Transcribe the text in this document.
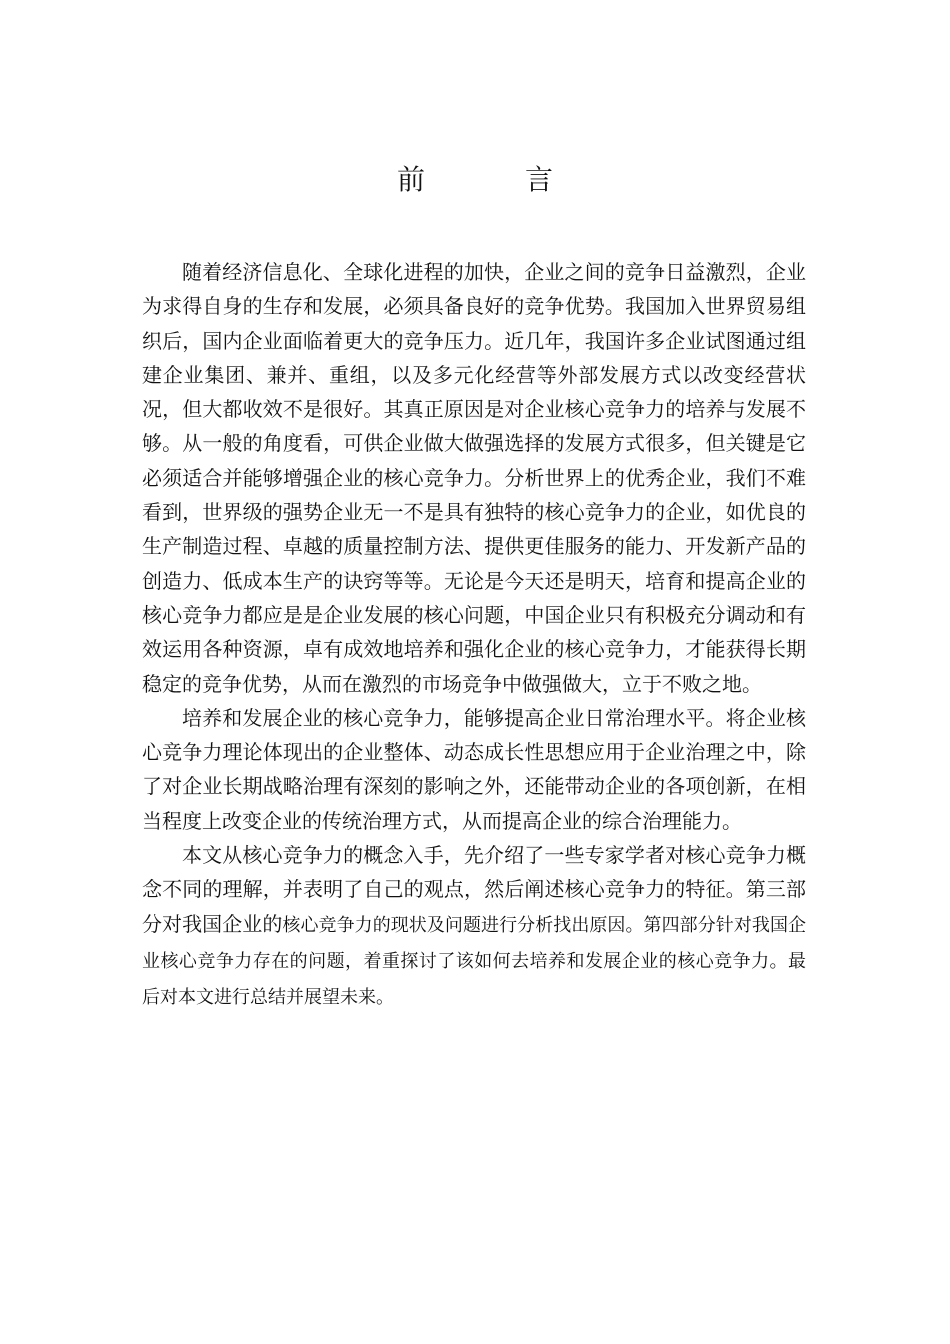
前　言

随着经济信息化、全球化进程的加快，企业之间的竞争日益激烈，企业为求得自身的生存和发展，必须具备良好的竞争优势。我国加入世界贸易组织后，国内企业面临着更大的竞争压力。近几年，我国许多企业试图通过组建企业集团、兼并、重组，以及多元化经营等外部发展方式以改变经营状况，但大都收效不是很好。其真正原因是对企业核心竞争力的培养与发展不够。从一般的角度看，可供企业做大做强选择的发展方式很多，但关键是它必须适合并能够增强企业的核心竞争力。分析世界上的优秀企业，我们不难看到，世界级的强势企业无一不是具有独特的核心竞争力的企业，如优良的生产制造过程、卓越的质量控制方法、提供更佳服务的能力、开发新产品的创造力、低成本生产的诀窍等等。无论是今天还是明天，培育和提高企业的核心竞争力都应是是企业发展的核心问题，中国企业只有积极充分调动和有效运用各种资源，卓有成效地培养和强化企业的核心竞争力，才能获得长期稳定的竞争优势，从而在激烈的市场竞争中做强做大，立于不败之地。

培养和发展企业的核心竞争力，能够提高企业日常治理水平。将企业核心竞争力理论体现出的企业整体、动态成长性思想应用于企业治理之中，除了对企业长期战略治理有深刻的影响之外，还能带动企业的各项创新，在相当程度上改变企业的传统治理方式，从而提高企业的综合治理能力。

本文从核心竞争力的概念入手，先介绍了一些专家学者对核心竞争力概念不同的理解，并表明了自己的观点，然后阐述核心竞争力的特征。第三部分对我国企业的核心竞争力的现状及问题进行分析找出原因。第四部分针对我国企业核心竞争力存在的问题，着重探讨了该如何去培养和发展企业的核心竞争力。最后对本文进行总结并展望未来。
